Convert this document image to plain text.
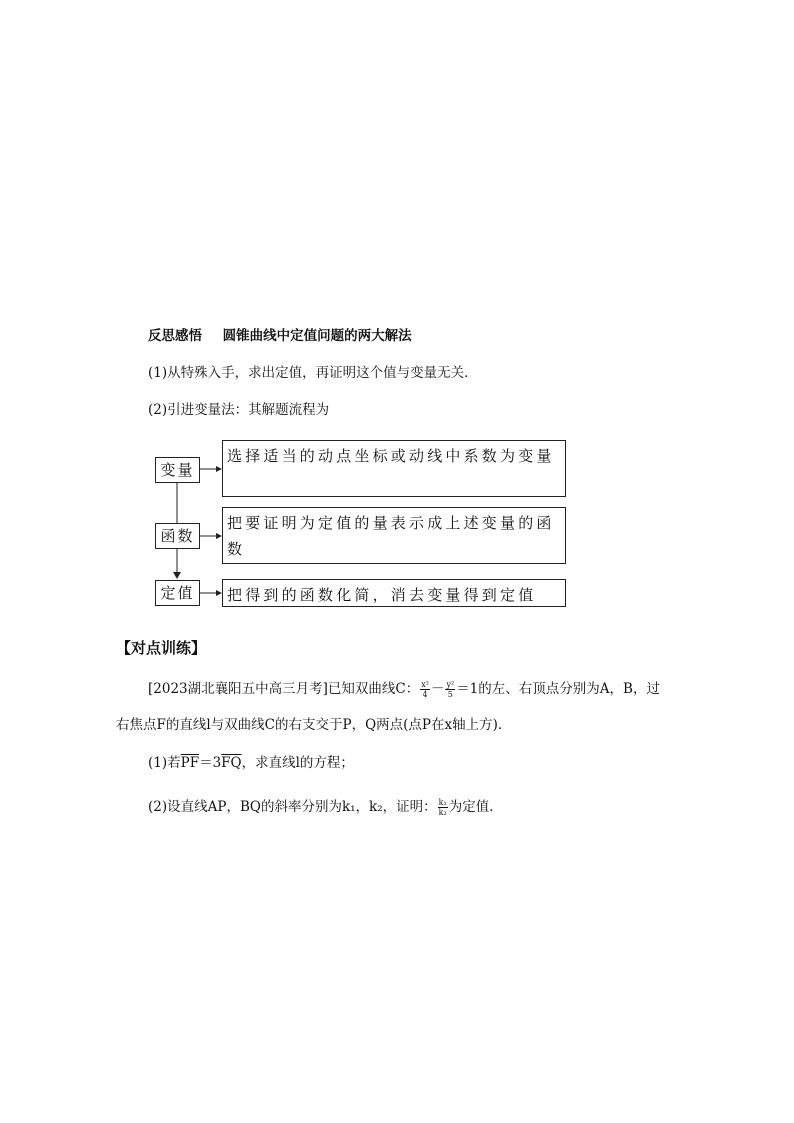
反思感悟 圆锥曲线中定值问题的两大解法
(1)从特殊入手，求出定值，再证明这个值与变量无关．
(2)引进变量法：其解题流程为
变量
选择适当的动点坐标或动线中系数为变量
函数
把要证明为定值的量表示成上述变量的函数
定值	把得到的函数化简，消去变量得到定值
【对点训练】
[2023湖北襄阳五中高三月考]已知双曲线C： $\frac{\text{x²}}{4} - \frac{\text{y²}}{5} =1$的左、右顶点分别为A，B，过
右焦点F的直线l与双曲线C的右支交于P，Q两点(点P在x轴上方)．
(1)若$\overline{PF}=3\overline{FQ}$，求直线l的方程；
(2)设直线AP，BQ的斜率分别为k₁，k₂，证明： $\frac{\text{k₁}}{\text{k₂}}$ 为定值．
